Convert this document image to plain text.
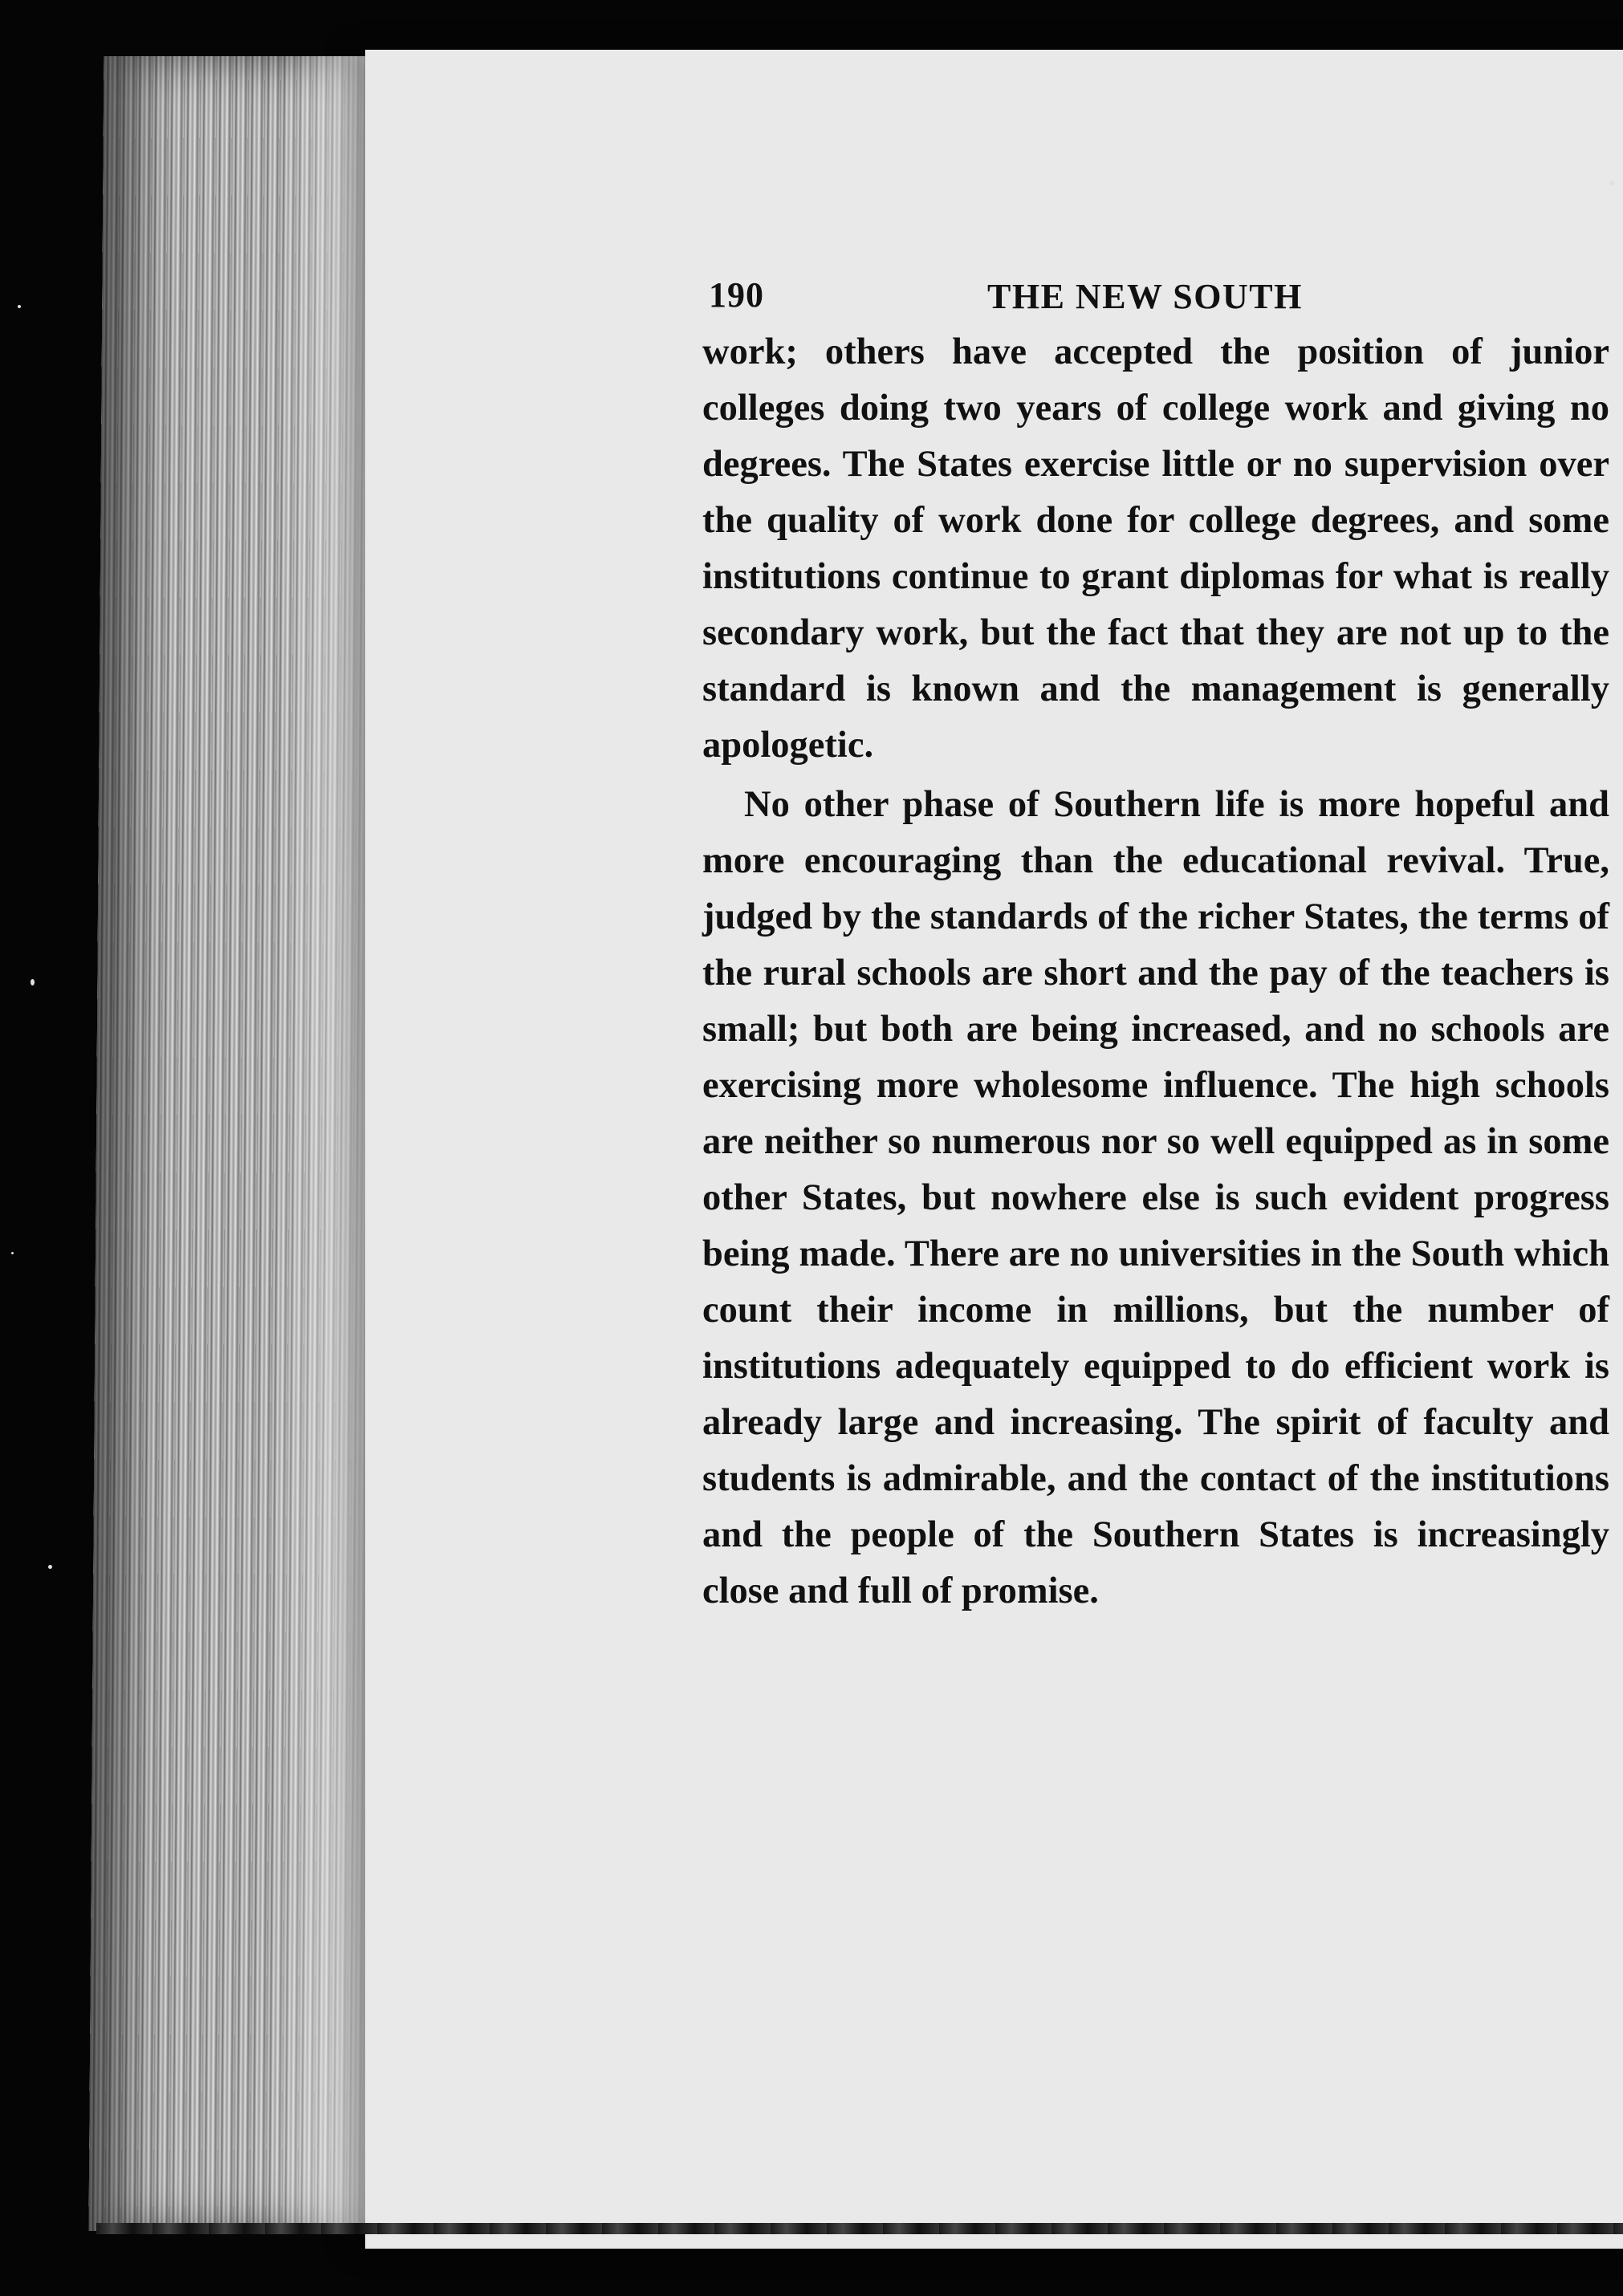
190	THE NEW SOUTH

work; others have accepted the position of junior colleges doing two years of college work and giving no degrees. The States exercise little or no supervision over the quality of work done for college degrees, and some institutions continue to grant diplomas for what is really secondary work, but the fact that they are not up to the standard is known and the management is generally apologetic.

No other phase of Southern life is more hopeful and more encouraging than the educational revival. True, judged by the standards of the richer States, the terms of the rural schools are short and the pay of the teachers is small; but both are being increased, and no schools are exercising more wholesome influence. The high schools are neither so numerous nor so well equipped as in some other States, but nowhere else is such evident progress being made. There are no universities in the South which count their income in millions, but the number of institutions adequately equipped to do efficient work is already large and increasing. The spirit of faculty and students is admirable, and the contact of the institutions and the people of the Southern States is increasingly close and full of promise.
